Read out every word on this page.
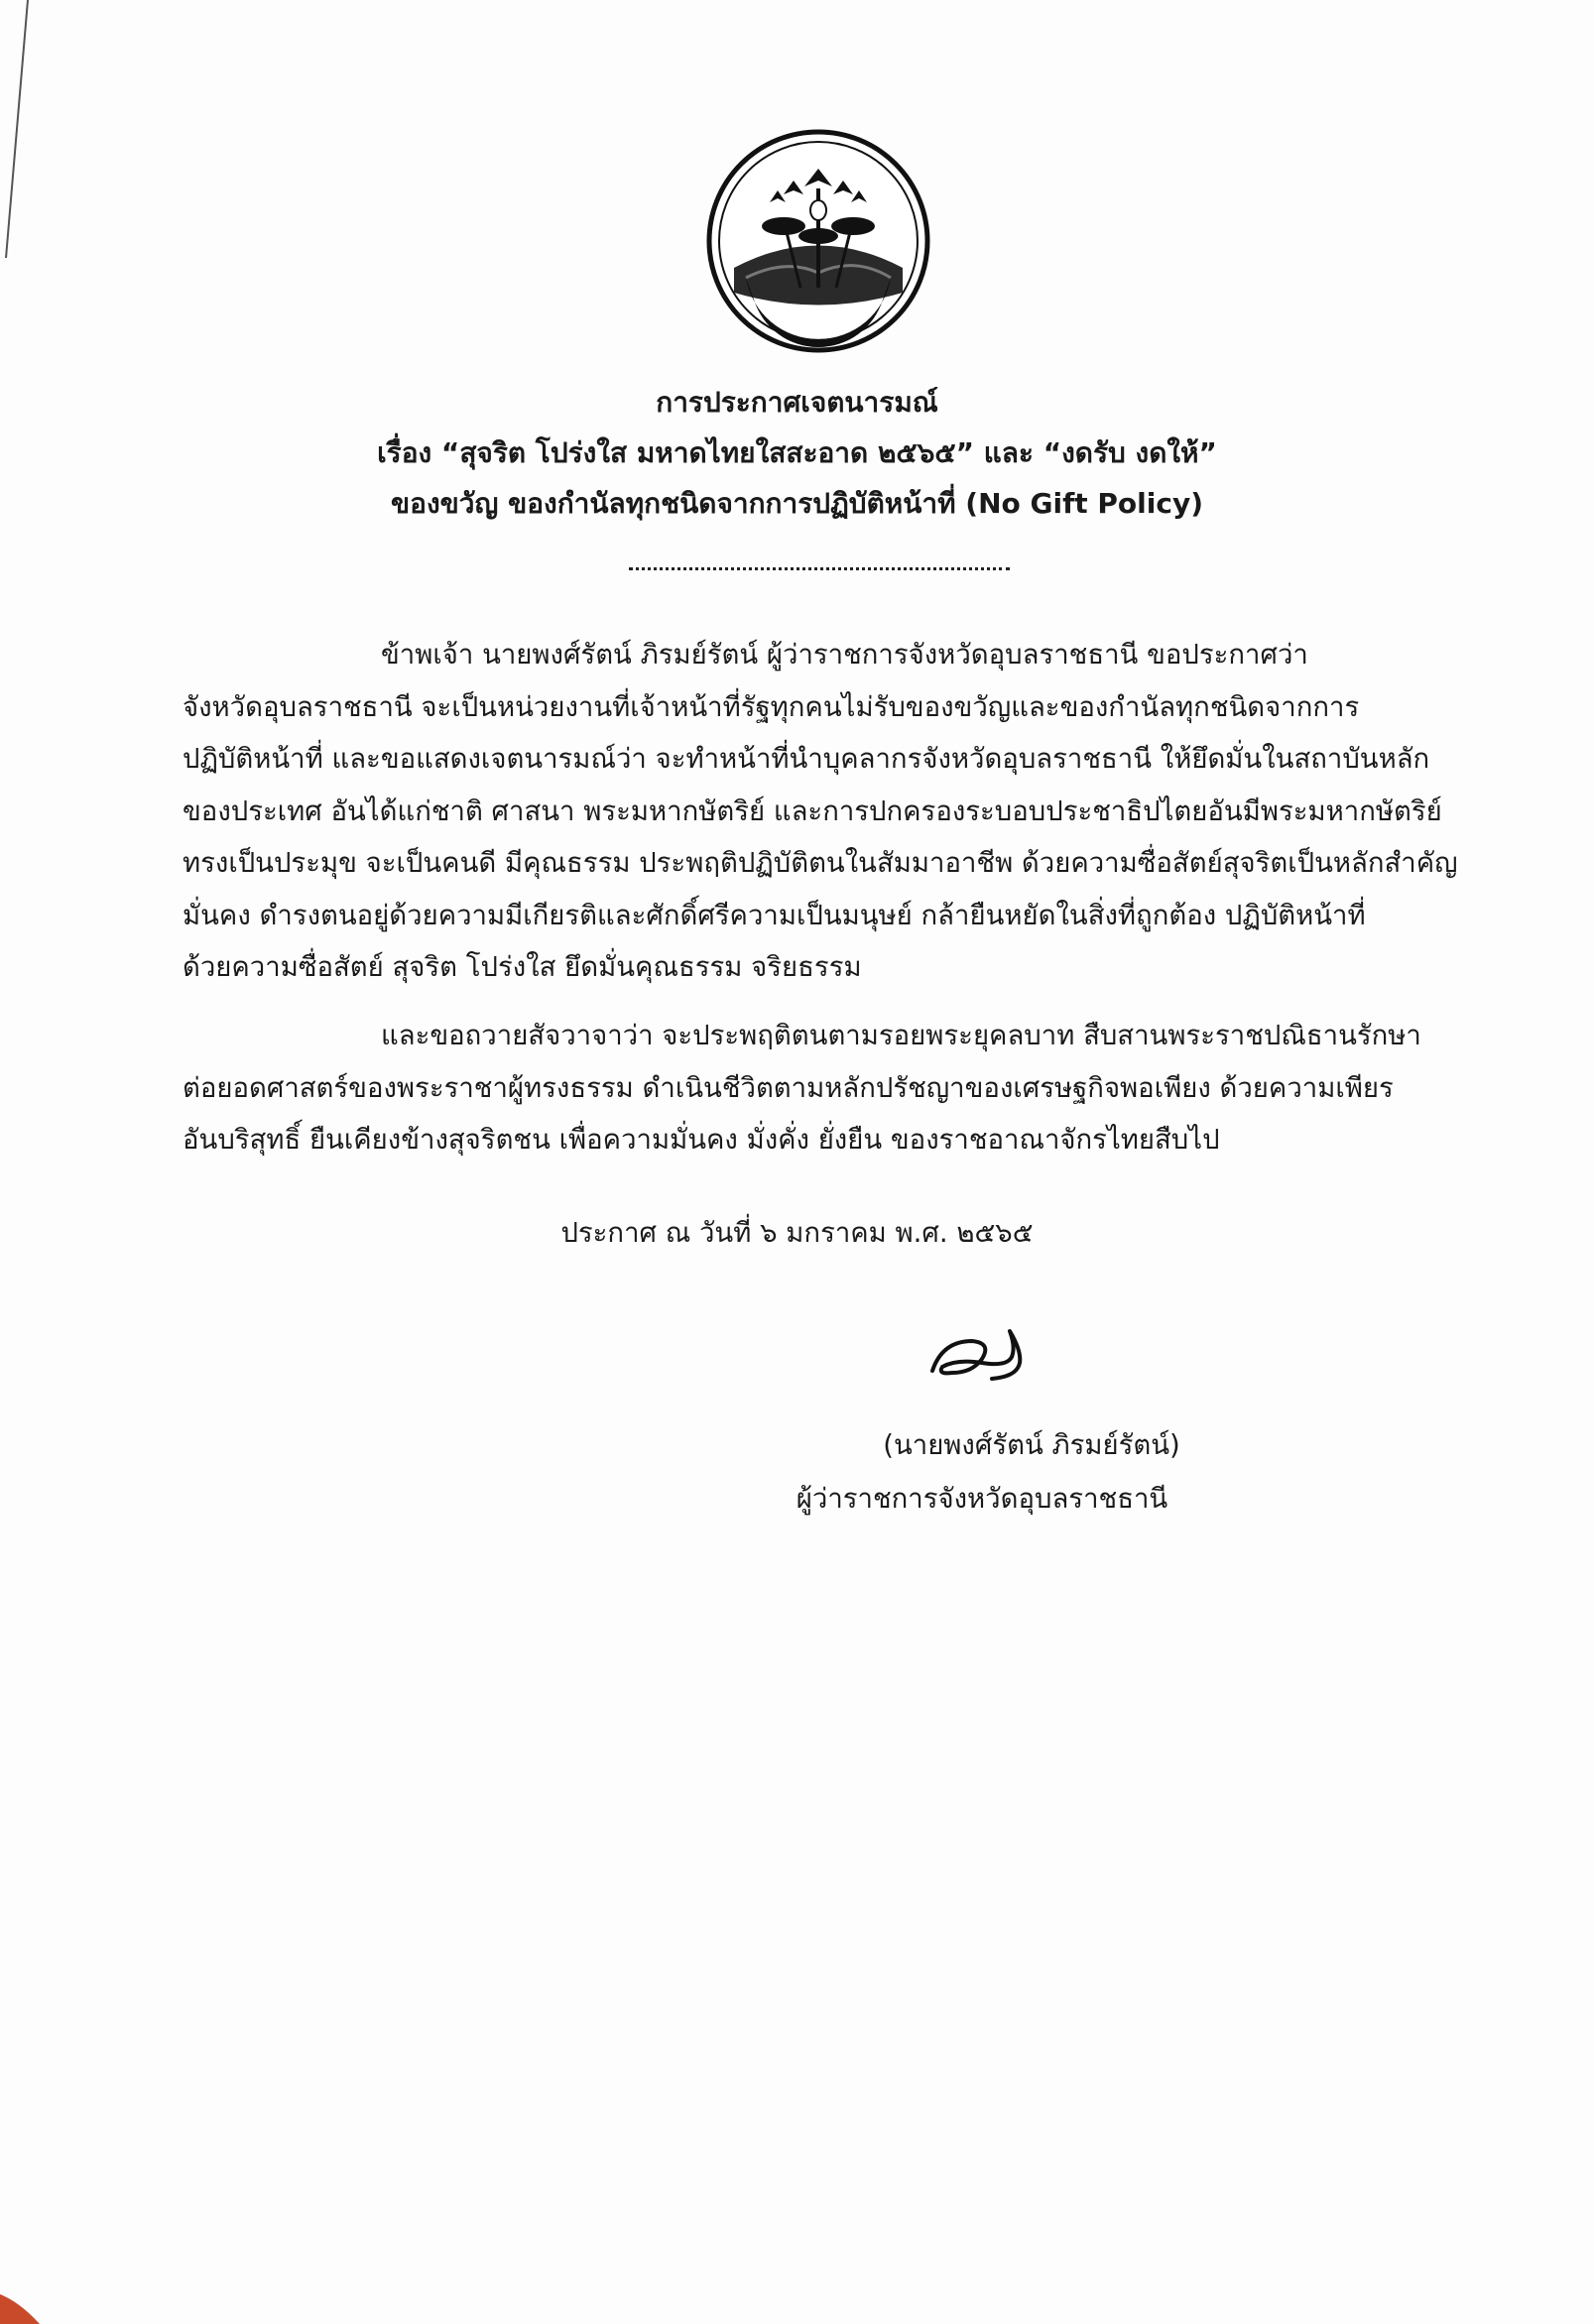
การประกาศเจตนารมณ์
เรื่อง “สุจริต โปร่งใส มหาดไทยใสสะอาด ๒๕๖๕” และ “งดรับ งดให้”
ของขวัญ ของกำนัลทุกชนิดจากการปฏิบัติหน้าที่ (No Gift Policy)
ข้าพเจ้า นายพงศ์รัตน์ ภิรมย์รัตน์ ผู้ว่าราชการจังหวัดอุบลราชธานี ขอประกาศว่า
จังหวัดอุบลราชธานี จะเป็นหน่วยงานที่เจ้าหน้าที่รัฐทุกคนไม่รับของขวัญและของกำนัลทุกชนิดจากการ
ปฏิบัติหน้าที่ และขอแสดงเจตนารมณ์ว่า จะทำหน้าที่นำบุคลากรจังหวัดอุบลราชธานี ให้ยึดมั่นในสถาบันหลัก
ของประเทศ อันได้แก่ชาติ ศาสนา พระมหากษัตริย์ และการปกครองระบอบประชาธิปไตยอันมีพระมหากษัตริย์
ทรงเป็นประมุข จะเป็นคนดี มีคุณธรรม ประพฤติปฏิบัติตนในสัมมาอาชีพ ด้วยความซื่อสัตย์สุจริตเป็นหลักสำคัญ
มั่นคง ดำรงตนอยู่ด้วยความมีเกียรติและศักดิ์ศรีความเป็นมนุษย์ กล้ายืนหยัดในสิ่งที่ถูกต้อง ปฏิบัติหน้าที่
ด้วยความซื่อสัตย์ สุจริต โปร่งใส ยึดมั่นคุณธรรม จริยธรรม
และขอถวายสัจวาจาว่า จะประพฤติตนตามรอยพระยุคลบาท สืบสานพระราชปณิธานรักษา
ต่อยอดศาสตร์ของพระราชาผู้ทรงธรรม ดำเนินชีวิตตามหลักปรัชญาของเศรษฐกิจพอเพียง ด้วยความเพียร
อันบริสุทธิ์ ยืนเคียงข้างสุจริตชน เพื่อความมั่นคง มั่งคั่ง ยั่งยืน ของราชอาณาจักรไทยสืบไป
ประกาศ ณ วันที่ ๖ มกราคม พ.ศ. ๒๕๖๕
(นายพงศ์รัตน์ ภิรมย์รัตน์)
ผู้ว่าราชการจังหวัดอุบลราชธานี
